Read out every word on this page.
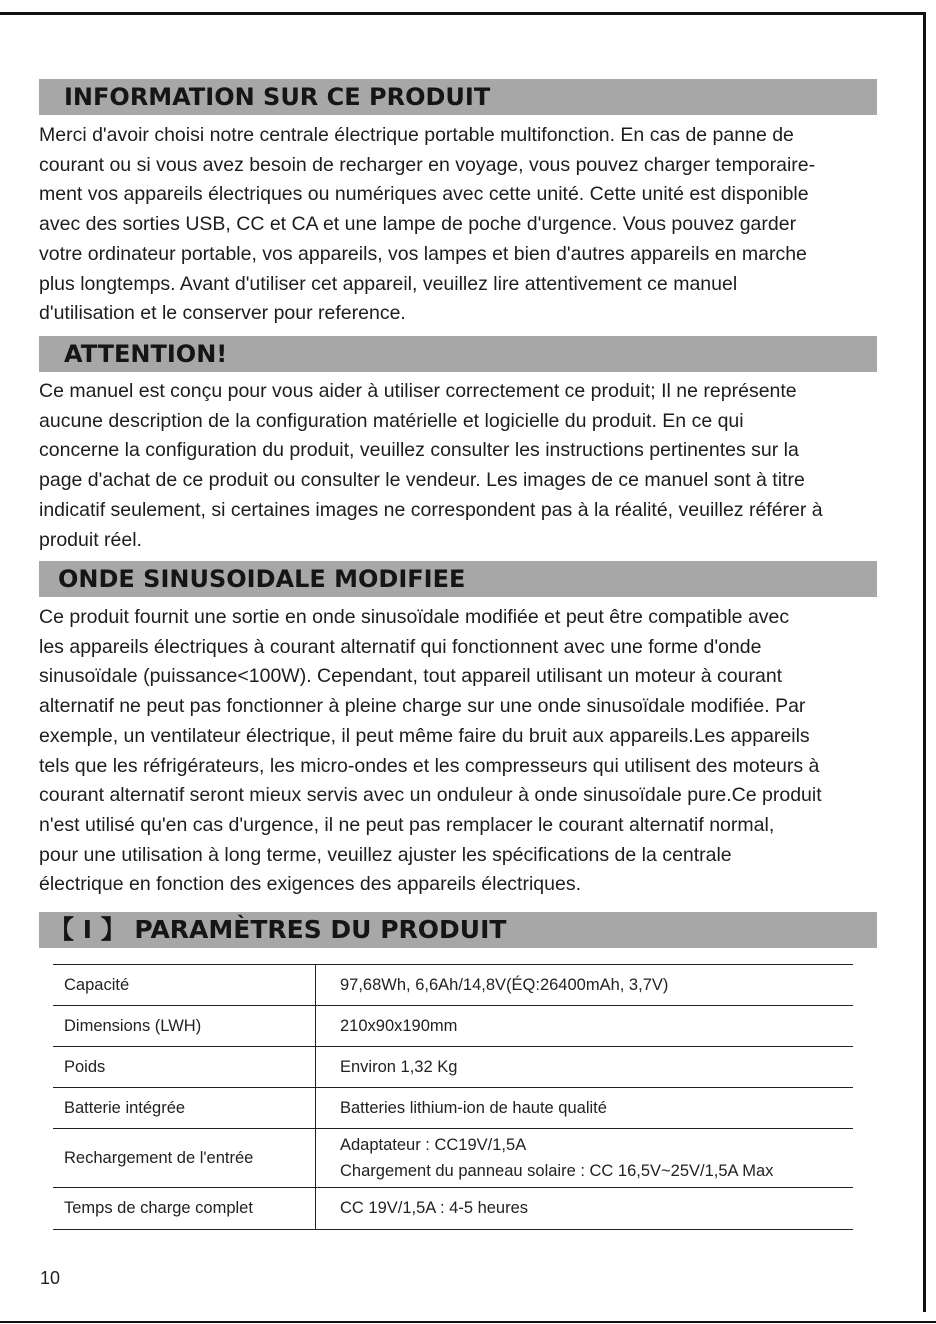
INFORMATION SUR CE PRODUIT

Merci d'avoir choisi notre centrale électrique portable multifonction. En cas de panne de

courant ou si vous avez besoin de recharger en voyage, vous pouvez charger temporaire-

ment vos appareils électriques ou numériques avec cette unité. Cette unité est disponible

avec des sorties USB, CC et CA et une lampe de poche d'urgence. Vous pouvez garder

votre ordinateur portable, vos appareils, vos lampes et bien d'autres appareils en marche

plus longtemps. Avant d'utiliser cet appareil, veuillez lire attentivement ce manuel

d'utilisation et le conserver pour reference.

ATTENTION!

Ce manuel est conçu pour vous aider à utiliser correctement ce produit; Il ne représente

aucune description de la configuration matérielle et logicielle du produit. En ce qui

concerne la configuration du produit, veuillez consulter les instructions pertinentes sur la

page d'achat de ce produit ou consulter le vendeur. Les images de ce manuel sont à titre

indicatif seulement, si certaines images ne correspondent pas à la réalité, veuillez référer à

produit réel.

ONDE SINUSOIDALE MODIFIEE

Ce produit fournit une sortie en onde sinusoïdale modifiée et peut être compatible avec

les appareils électriques à courant alternatif qui fonctionnent avec une forme d'onde

sinusoïdale (puissance<100W). Cependant, tout appareil utilisant un moteur à courant

alternatif ne peut pas fonctionner à pleine charge sur une onde sinusoïdale modifiée. Par

exemple, un ventilateur électrique, il peut même faire du bruit aux appareils.Les appareils

tels que les réfrigérateurs, les micro-ondes et les compresseurs qui utilisent des moteurs à

courant alternatif seront mieux servis avec un onduleur à onde sinusoïdale pure.Ce produit

n'est utilisé qu'en cas d'urgence, il ne peut pas remplacer le courant alternatif normal,

pour une utilisation à long terme, veuillez ajuster les spécifications de la centrale

électrique en fonction des exigences des appareils électriques.

【 I 】 PARAMÈTRES DU PRODUIT
Capacité	97,68Wh, 6,6Ah/14,8V(ÉQ:26400mAh, 3,7V)
Dimensions (LWH)	210x90x190mm
Poids	Environ 1,32 Kg
Batterie intégrée	Batteries lithium-ion de haute qualité
Rechargement de l'entrée	Adaptateur : CC19V/1,5A
Chargement du panneau solaire : CC 16,5V~25V/1,5A Max

Temps de charge complet	CC 19V/1,5A : 4-5 heures
10
